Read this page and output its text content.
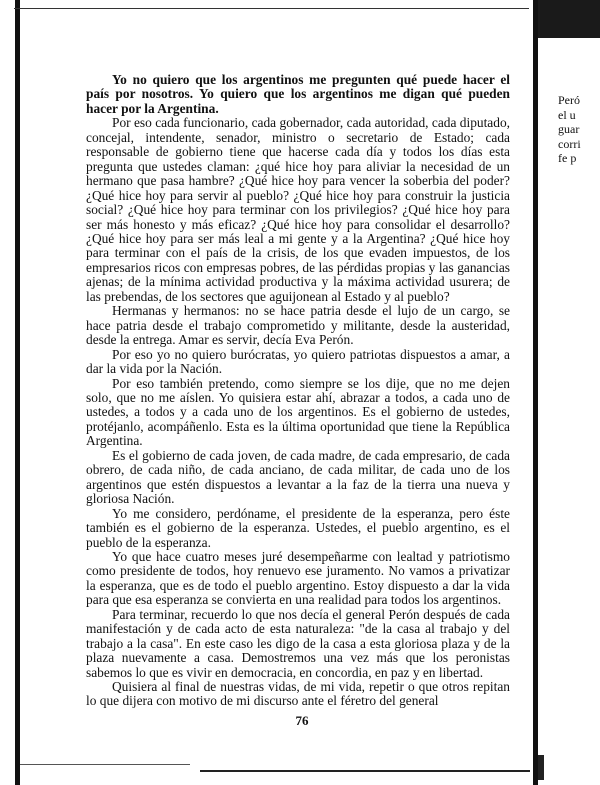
Peró
el u
guar
corri
fe p

Yo no quiero que los argentinos me pregunten qué puede hacer el país por nosotros. Yo quiero que los argentinos me digan qué pueden hacer por la Argentina.

Por eso cada funcionario, cada gobernador, cada autoridad, cada diputado, concejal, intendente, senador, ministro o secretario de Estado; cada responsable de gobierno tiene que hacerse cada día y todos los días esta pregunta que ustedes claman: ¿qué hice hoy para aliviar la necesidad de un hermano que pasa hambre? ¿Qué hice hoy para vencer la soberbia del poder? ¿Qué hice hoy para servir al pueblo? ¿Qué hice hoy para construir la justicia social? ¿Qué hice hoy para terminar con los privilegios? ¿Qué hice hoy para ser más honesto y más eficaz? ¿Qué hice hoy para consolidar el desarrollo? ¿Qué hice hoy para ser más leal a mi gente y a la Argentina? ¿Qué hice hoy para terminar con el país de la crisis, de los que evaden impuestos, de los empresarios ricos con empresas pobres, de las pérdidas propias y las ganancias ajenas; de la mínima actividad productiva y la máxima actividad usurera; de las prebendas, de los sectores que aguijonean al Estado y al pueblo?

Hermanas y hermanos: no se hace patria desde el lujo de un cargo, se hace patria desde el trabajo comprometido y militante, desde la austeridad, desde la entrega. Amar es servir, decía Eva Perón.

Por eso yo no quiero burócratas, yo quiero patriotas dispuestos a amar, a dar la vida por la Nación.

Por eso también pretendo, como siempre se los dije, que no me dejen solo, que no me aíslen. Yo quisiera estar ahí, abrazar a todos, a cada uno de ustedes, a todos y a cada uno de los argentinos. Es el gobierno de ustedes, protéjanlo, acompáñenlo. Esta es la última oportunidad que tiene la República Argentina.

Es el gobierno de cada joven, de cada madre, de cada empresario, de cada obrero, de cada niño, de cada anciano, de cada militar, de cada uno de los argentinos que estén dispuestos a levantar a la faz de la tierra una nueva y gloriosa Nación.

Yo me considero, perdóname, el presidente de la esperanza, pero éste también es el gobierno de la esperanza. Ustedes, el pueblo argentino, es el pueblo de la esperanza.

Yo que hace cuatro meses juré desempeñarme con lealtad y patriotismo como presidente de todos, hoy renuevo ese juramento. No vamos a privatizar la esperanza, que es de todo el pueblo argentino. Estoy dispuesto a dar la vida para que esa esperanza se convierta en una realidad para todos los argentinos.

Para terminar, recuerdo lo que nos decía el general Perón después de cada manifestación y de cada acto de esta naturaleza: "de la casa al trabajo y del trabajo a la casa". En este caso les digo de la casa a esta gloriosa plaza y de la plaza nuevamente a casa. Demostremos una vez más que los peronistas sabemos lo que es vivir en democracia, en concordia, en paz y en libertad.

Quisiera al final de nuestras vidas, de mi vida, repetir o que otros repitan lo que dijera con motivo de mi discurso ante el féretro del general

76
